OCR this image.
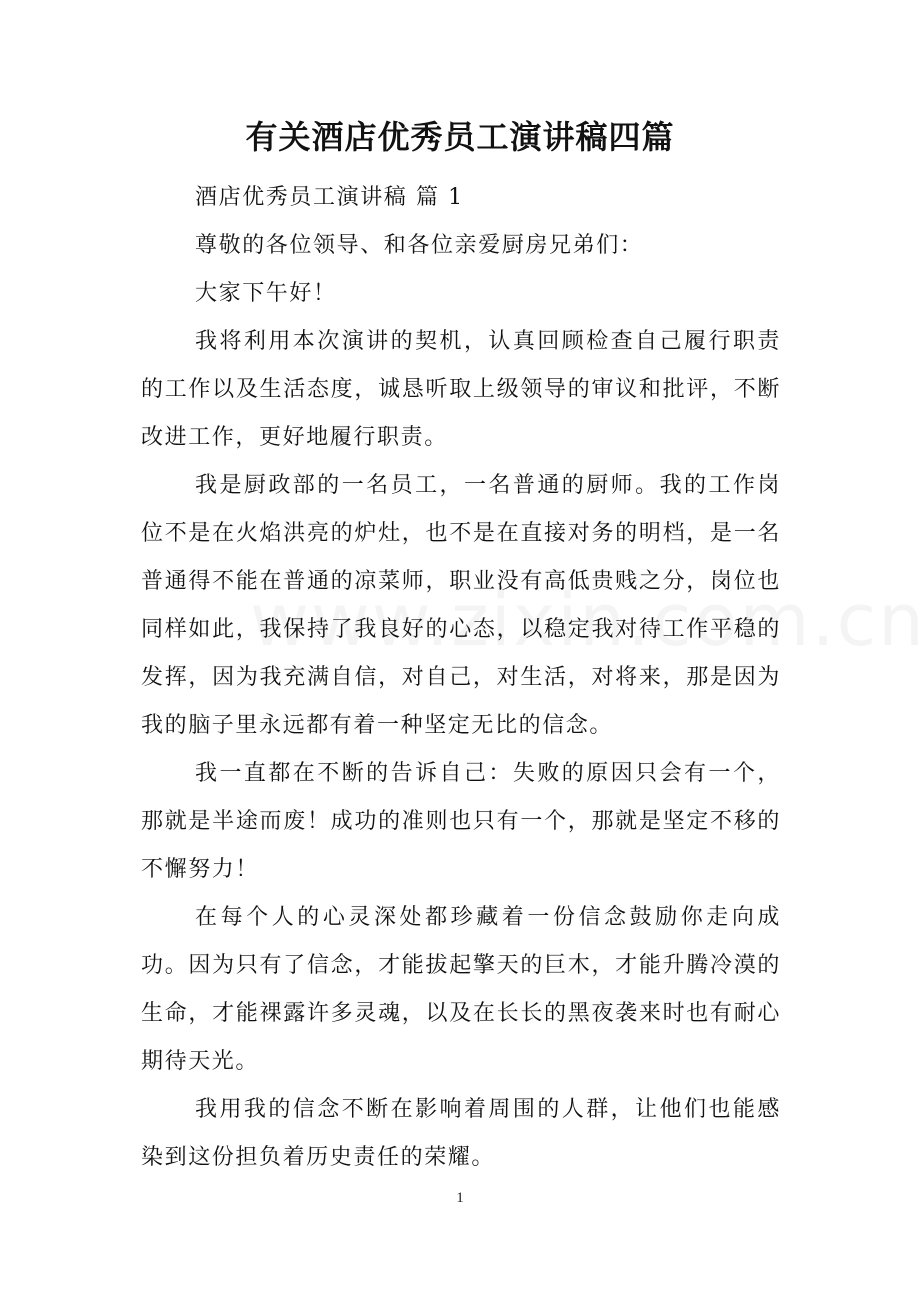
有关酒店优秀员工演讲稿四篇

酒店优秀员工演讲稿 篇 1

尊敬的各位领导、和各位亲爱厨房兄弟们：

大家下午好！

我将利用本次演讲的契机，认真回顾检查自己履行职责的工作以及生活态度，诚恳听取上级领导的审议和批评，不断改进工作，更好地履行职责。

我是厨政部的一名员工，一名普通的厨师。我的工作岗位不是在火焰洪亮的炉灶，也不是在直接对务的明档，是一名普通得不能在普通的凉菜师，职业没有高低贵贱之分，岗位也同样如此，我保持了我良好的心态，以稳定我对待工作平稳的发挥，因为我充满自信，对自己，对生活，对将来，那是因为我的脑子里永远都有着一种坚定无比的信念。

我一直都在不断的告诉自己：失败的原因只会有一个，那就是半途而废！成功的准则也只有一个，那就是坚定不移的不懈努力！

在每个人的心灵深处都珍藏着一份信念鼓励你走向成功。因为只有了信念，才能拔起擎天的巨木，才能升腾冷漠的生命，才能裸露许多灵魂，以及在长长的黑夜袭来时也有耐心期待天光。

我用我的信念不断在影响着周围的人群，让他们也能感染到这份担负着历史责任的荣耀。

1
